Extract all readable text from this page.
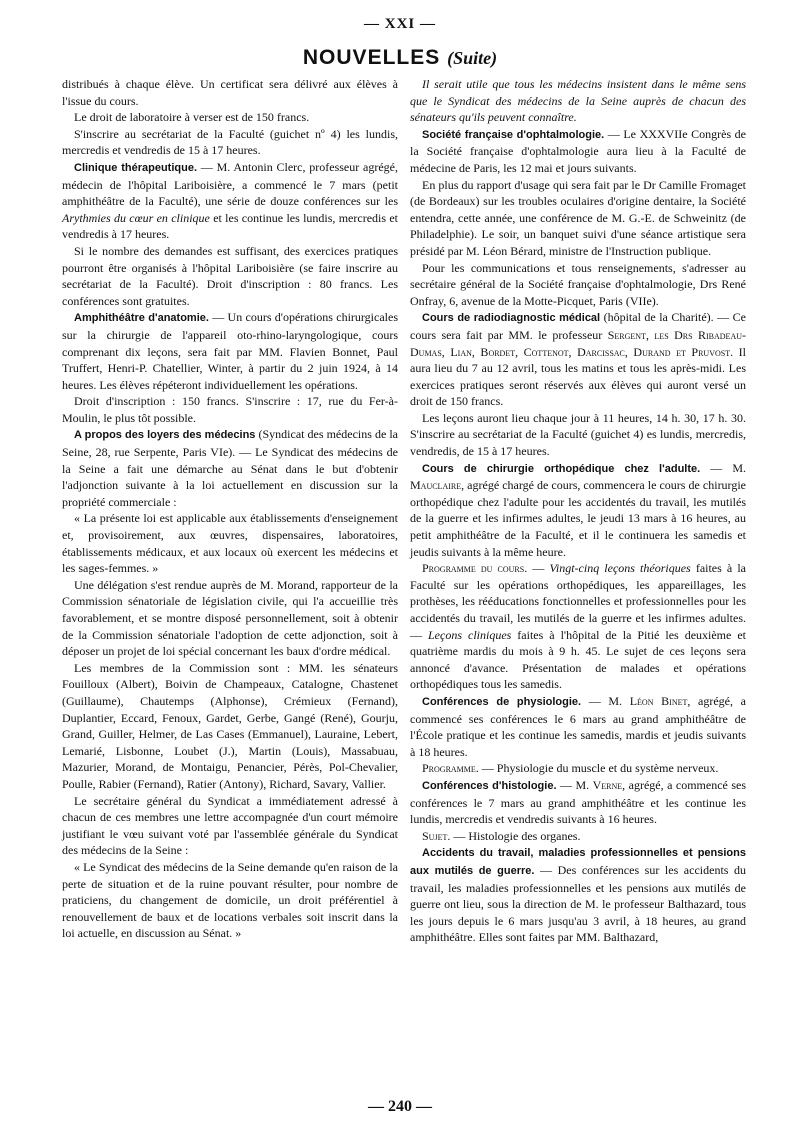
— XXI —
NOUVELLES (Suite)

distribués à chaque élève. Un certificat sera délivré aux élèves à l'issue du cours.

Le droit de laboratoire à verser est de 150 francs.

S'inscrire au secrétariat de la Faculté (guichet nº 4) les lundis, mercredis et vendredis de 15 à 17 heures.

Clinique thérapeutique. — M. Antonin Clerc, professeur agrégé, médecin de l'hôpital Lariboisière, a commencé le 7 mars (petit amphithéâtre de la Faculté), une série de douze conférences sur les Arythmies du cœur en clinique et les continue les lundis, mercredis et vendredis à 17 heures.

Si le nombre des demandes est suffisant, des exercices pratiques pourront être organisés à l'hôpital Lariboisière (se faire inscrire au secrétariat de la Faculté). Droit d'inscription : 80 francs. Les conférences sont gratuites.

Amphithéâtre d'anatomie. — Un cours d'opérations chirurgicales sur la chirurgie de l'appareil oto-rhino-laryngologique, cours comprenant dix leçons, sera fait par MM. Flavien Bonnet, Paul Truffert, Henri-P. Chatellier, Winter, à partir du 2 juin 1924, à 14 heures. Les élèves répéteront individuellement les opérations.

Droit d'inscription : 150 francs. S'inscrire : 17, rue du Fer-à-Moulin, le plus tôt possible.

A propos des loyers des médecins (Syndicat des médecins de la Seine, 28, rue Serpente, Paris VIe). — Le Syndicat des médecins de la Seine a fait une démarche au Sénat dans le but d'obtenir l'adjonction suivante à la loi actuellement en discussion sur la propriété commerciale :

« La présente loi est applicable aux établissements d'enseignement et, provisoirement, aux œuvres, dispensaires, laboratoires, établissements médicaux, et aux locaux où exercent les médecins et les sages-femmes. »

Une délégation s'est rendue auprès de M. Morand, rapporteur de la Commission sénatoriale de législation civile, qui l'a accueillie très favorablement, et se montre disposé personnellement, soit à obtenir de la Commission sénatoriale l'adoption de cette adjonction, soit à déposer un projet de loi spécial concernant les baux d'ordre médical.

Les membres de la Commission sont : MM. les sénateurs Fouilloux (Albert), Boivin de Champeaux, Catalogne, Chastenet (Guillaume), Chautemps (Alphonse), Crémieux (Fernand), Duplantier, Eccard, Fenoux, Gardet, Gerbe, Gangé (René), Gourju, Grand, Guiller, Helmer, de Las Cases (Emmanuel), Lauraine, Lebert, Lemarié, Lisbonne, Loubet (J.), Martin (Louis), Massabuau, Mazurier, Morand, de Montaigu, Penancier, Pérès, Pol-Chevalier, Poulle, Rabier (Fernand), Ratier (Antony), Richard, Savary, Vallier.

Le secrétaire général du Syndicat a immédiatement adressé à chacun de ces membres une lettre accompagnée d'un court mémoire justifiant le vœu suivant voté par l'assemblée générale du Syndicat des médecins de la Seine :

« Le Syndicat des médecins de la Seine demande qu'en raison de la perte de situation et de la ruine pouvant résulter, pour nombre de praticiens, du changement de domicile, un droit préférentiel à renouvellement de baux et de locations verbales soit inscrit dans la loi actuelle, en discussion au Sénat. »

Il serait utile que tous les médecins insistent dans le même sens que le Syndicat des médecins de la Seine auprès de chacun des sénateurs qu'ils peuvent connaître.

Société française d'ophtalmologie. — Le XXXVIIe Congrès de la Société française d'ophtalmologie aura lieu à la Faculté de médecine de Paris, les 12 mai et jours suivants.

En plus du rapport d'usage qui sera fait par le Dr Camille Fromaget (de Bordeaux) sur les troubles oculaires d'origine dentaire, la Société entendra, cette année, une conférence de M. G.-E. de Schweinitz (de Philadelphie). Le soir, un banquet suivi d'une séance artistique sera présidé par M. Léon Bérard, ministre de l'Instruction publique.

Pour les communications et tous renseignements, s'adresser au secrétaire général de la Société française d'ophtalmologie, Drs René Onfray, 6, avenue de la Motte-Picquet, Paris (VIIe).

Cours de radiodiagnostic médical (hôpital de la Charité). — Ce cours sera fait par MM. le professeur Sergent, les Drs Ribadeau-Dumas, Lian, Bordet, Cottenot, Darcissac, Durand et Pruvost. Il aura lieu du 7 au 12 avril, tous les matins et tous les après-midi. Les exercices pratiques seront réservés aux élèves qui auront versé un droit de 150 francs.

Les leçons auront lieu chaque jour à 11 heures, 14 h. 30, 17 h. 30. S'inscrire au secrétariat de la Faculté (guichet 4) es lundis, mercredis, vendredis, de 15 à 17 heures.

Cours de chirurgie orthopédique chez l'adulte. — M. Mauclaire, agrégé chargé de cours, commencera le cours de chirurgie orthopédique chez l'adulte pour les accidentés du travail, les mutilés de la guerre et les infirmes adultes, le jeudi 13 mars à 16 heures, au petit amphithéâtre de la Faculté, et il le continuera les samedis et jeudis suivants à la même heure.

Programme du cours. — Vingt-cinq leçons théoriques faites à la Faculté sur les opérations orthopédiques, les appareillages, les prothèses, les rééducations fonctionnelles et professionnelles pour les accidentés du travail, les mutilés de la guerre et les infirmes adultes. — Leçons cliniques faites à l'hôpital de la Pitié les deuxième et quatrième mardis du mois à 9 h. 45. Le sujet de ces leçons sera annoncé d'avance. Présentation de malades et opérations orthopédiques tous les samedis.

Conférences de physiologie. — M. Léon Binet, agrégé, a commencé ses conférences le 6 mars au grand amphithéâtre de l'École pratique et les continue les samedis, mardis et jeudis suivants à 18 heures.

Programme. — Physiologie du muscle et du système nerveux.

Conférences d'histologie. — M. Verne, agrégé, a commencé ses conférences le 7 mars au grand amphithéâtre et les continue les lundis, mercredis et vendredis suivants à 16 heures.

Sujet. — Histologie des organes.

Accidents du travail, maladies professionnelles et pensions aux mutilés de guerre. — Des conférences sur les accidents du travail, les maladies professionnelles et les pensions aux mutilés de guerre ont lieu, sous la direction de M. le professeur Balthazard, tous les jours depuis le 6 mars jusqu'au 3 avril, à 18 heures, au grand amphithéâtre. Elles sont faites par MM. Balthazard,

— 240 —
